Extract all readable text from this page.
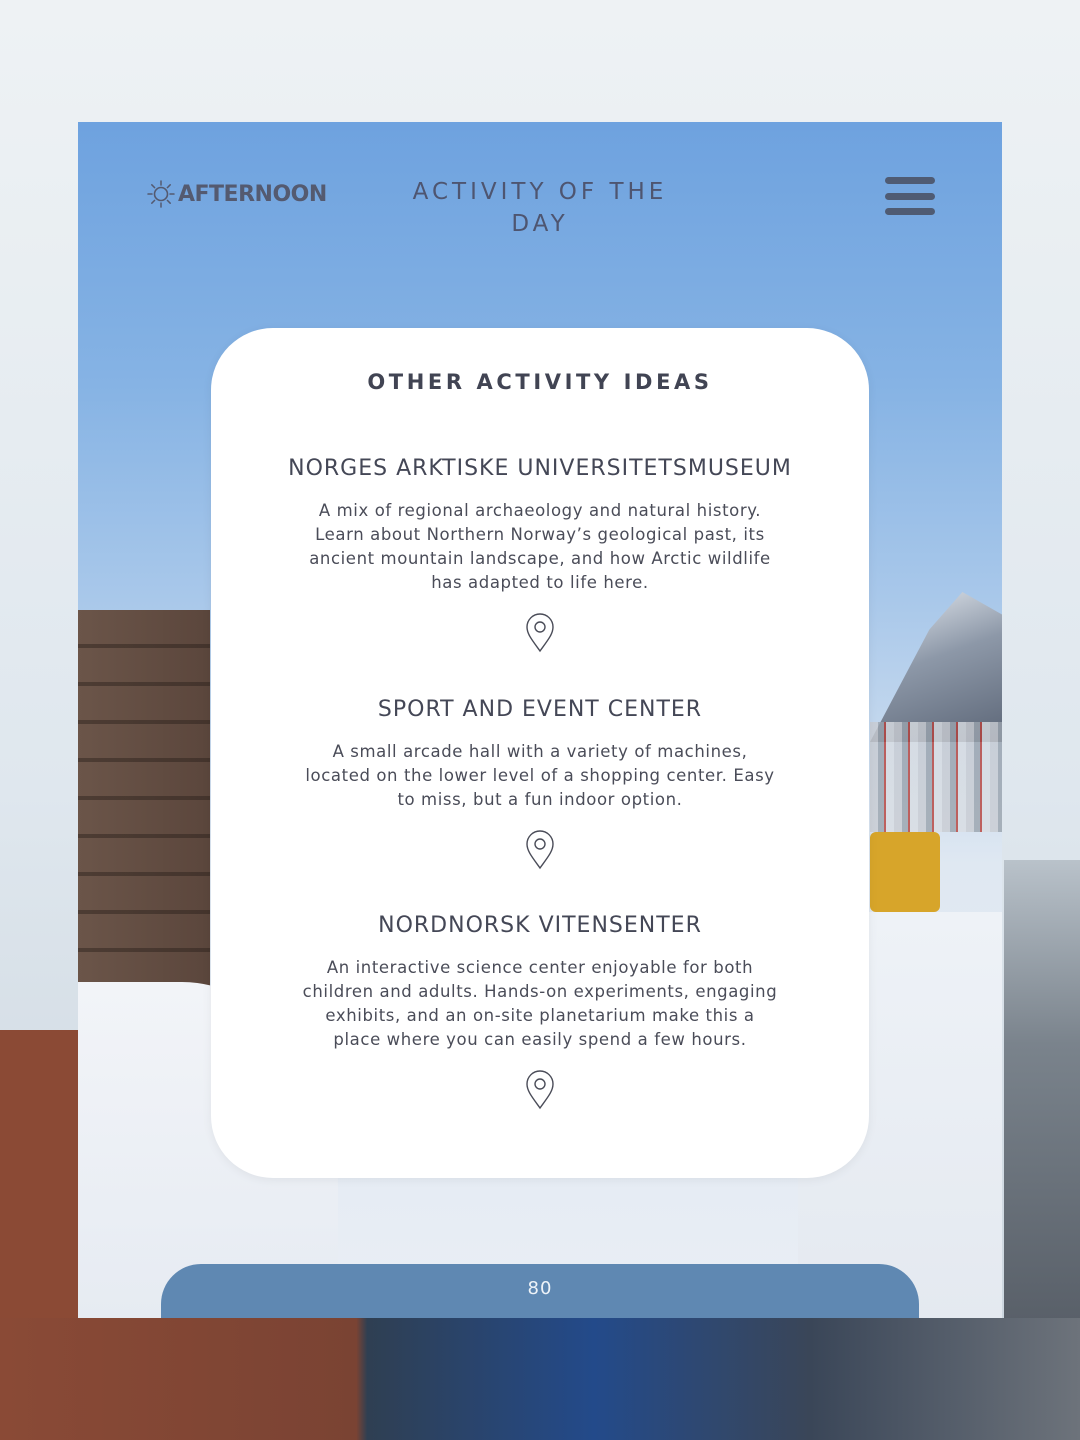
AFTERNOON	ACTIVITY OF THE DAY
OTHER ACTIVITY IDEAS
NORGES ARKTISKE UNIVERSITETSMUSEUM
A mix of regional archaeology and natural history. Learn about Northern Norway’s geological past, its ancient mountain landscape, and how Arctic wildlife has adapted to life here.
SPORT AND EVENT CENTER
A small arcade hall with a variety of machines, located on the lower level of a shopping center. Easy to miss, but a fun indoor option.
NORDNORSK VITENSENTER
An interactive science center enjoyable for both children and adults. Hands-on experiments, engaging exhibits, and an on-site planetarium make this a place where you can easily spend a few hours.
80
